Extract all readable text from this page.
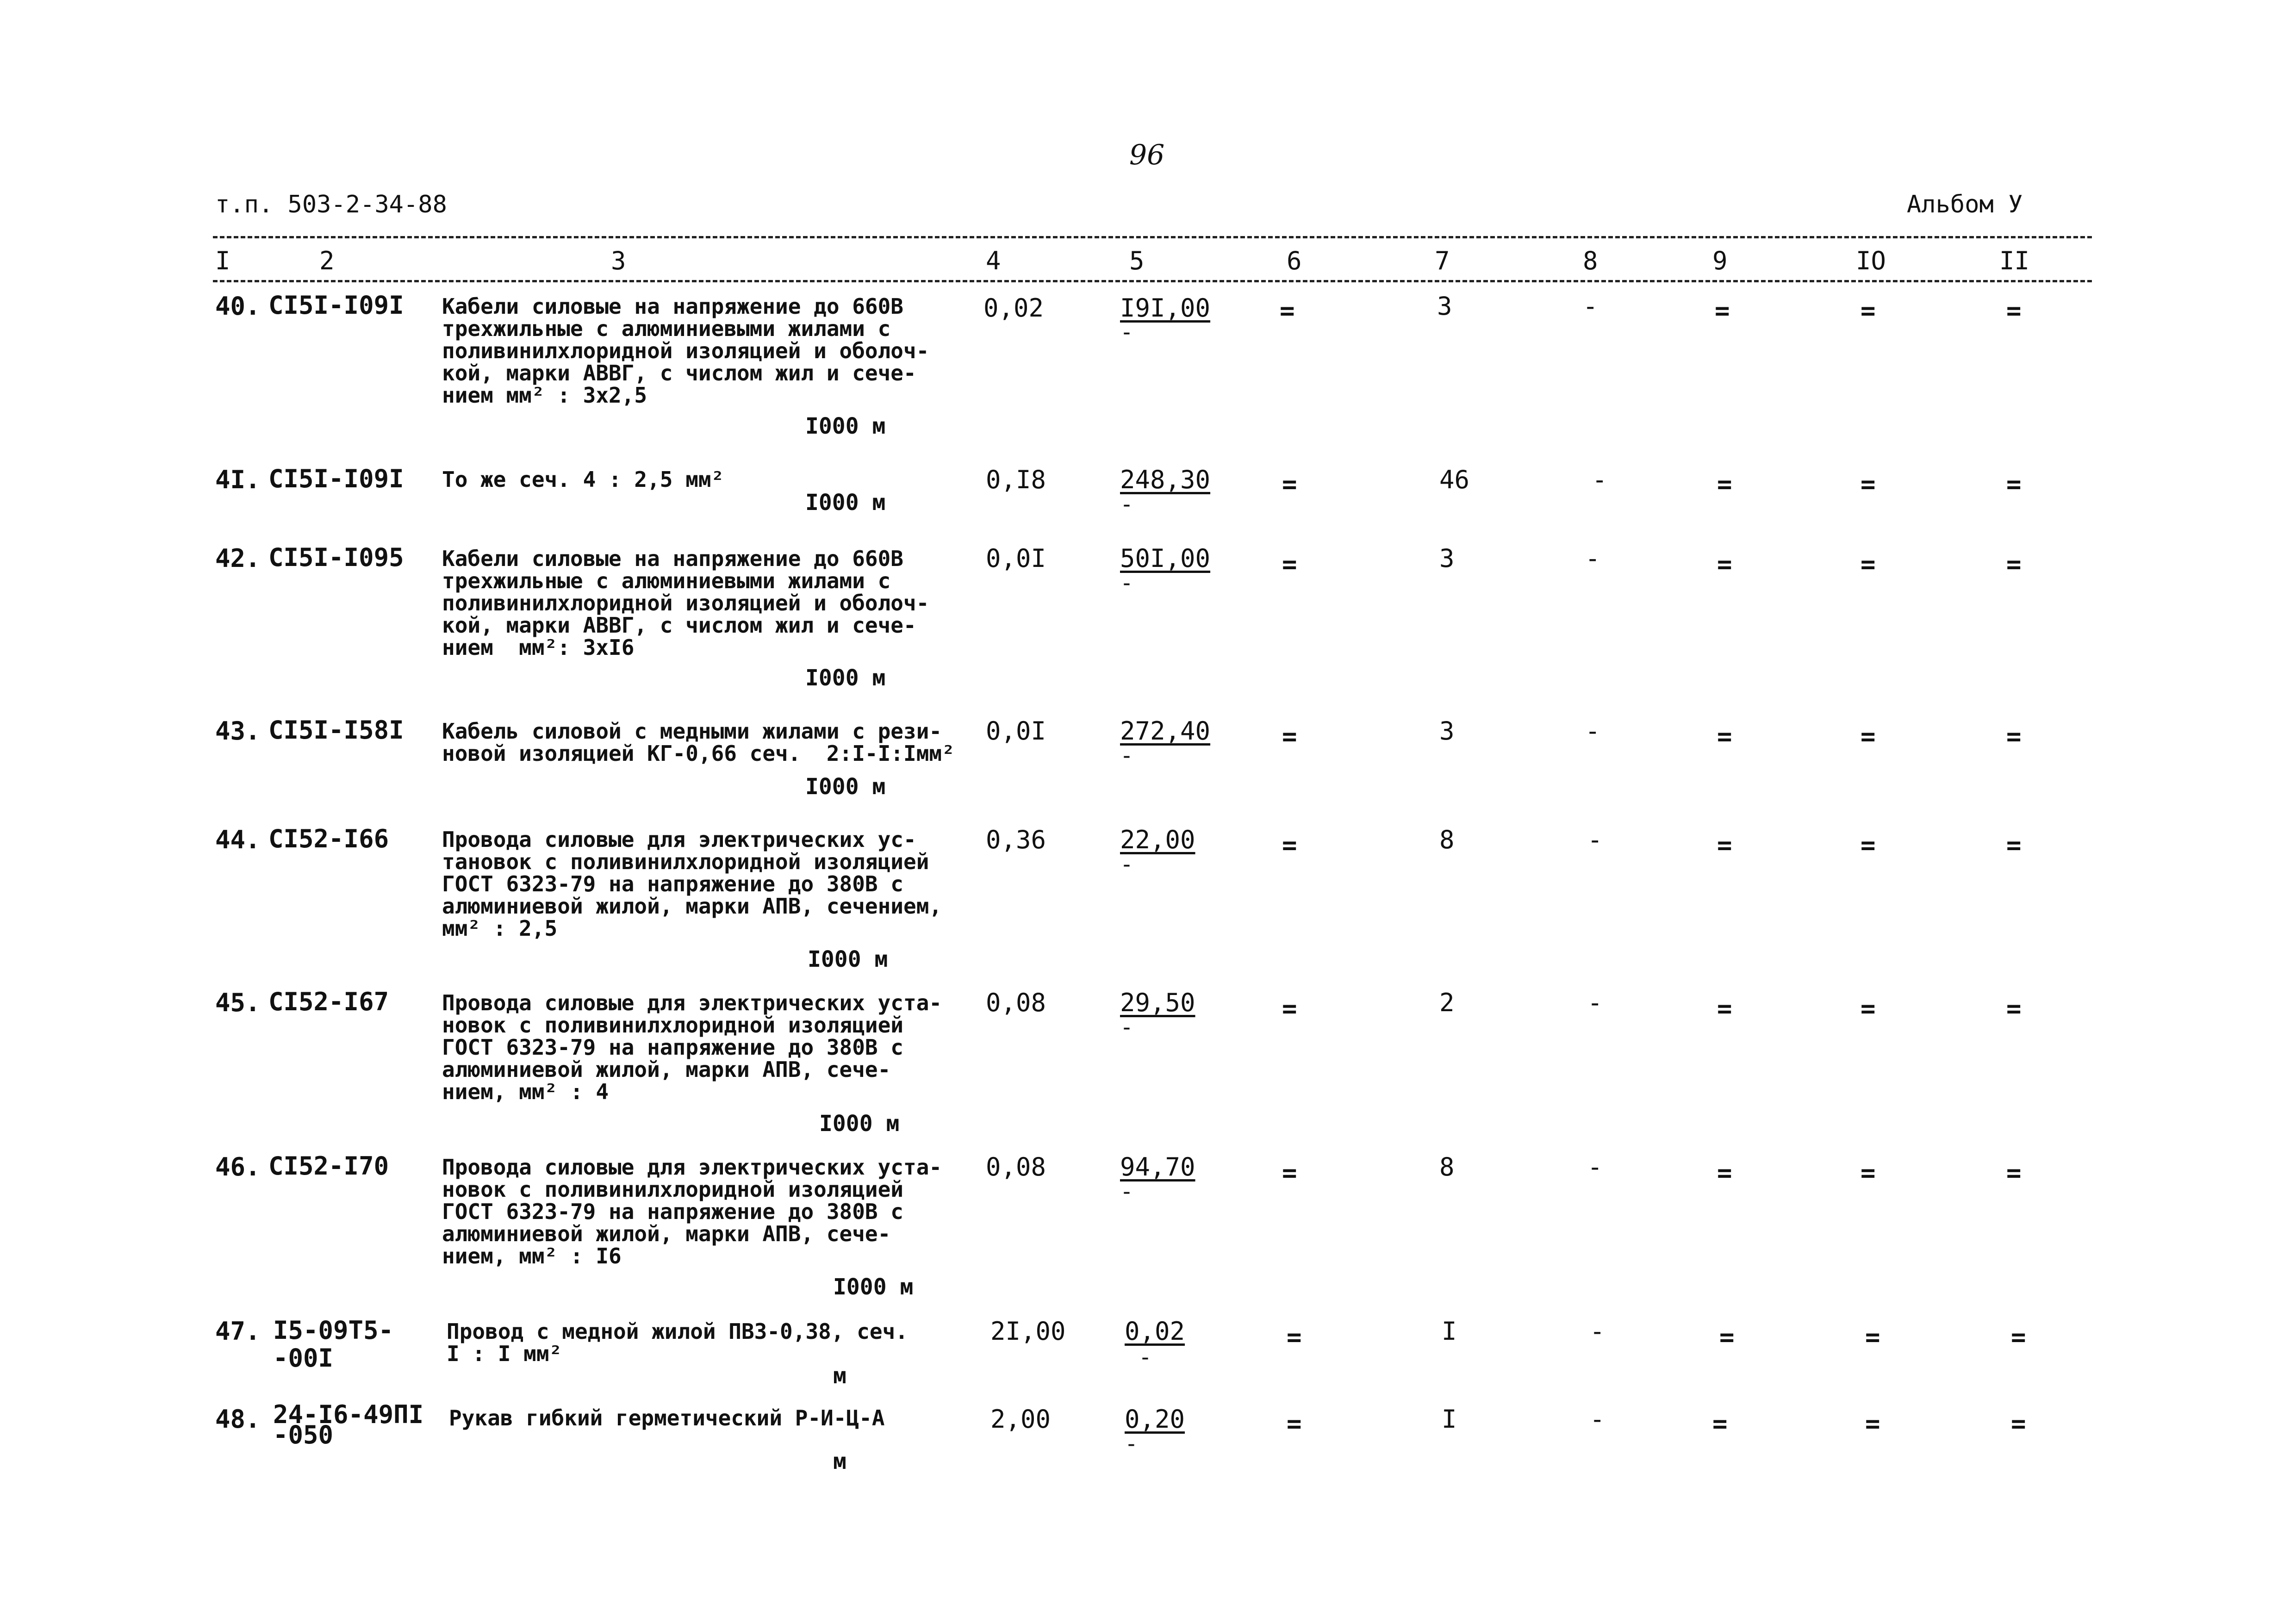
96
т.п. 503-2-34-88	Альбом У
I	2	3	4	5	6	7	8	9	IO	II
40. CI5I-I09I Кабели силовые на напряжение до 660В
трехжильные с алюминиевыми жилами с
поливинилхлоридной изоляцией и оболоч-
кой, марки АВВГ, с числом жил и сече-
нием мм² : 3х2,5
I000 м
0,02	I9I,00
-
=	3	-	=	=	=
4I. CI5I-I09I То же сеч. 4 : 2,5 мм²
I000 м
0,I8	248,30
-
=	46	-	=	=	=
42. CI5I-I095 Кабели силовые на напряжение до 660В
трехжильные с алюминиевыми жилами с
поливинилхлоридной изоляцией и оболоч-
кой, марки АВВГ, с числом жил и сече-
нием  мм²: 3хI6
I000 м
0,0I	50I,00
-
=	3	-	=	=	=
43. CI5I-I58I Кабель силовой с медными жилами с рези-
новой изоляцией КГ-0,66 сеч.  2:I-I:Iмм²
I000 м
0,0I	272,40
-
=	3	-	=	=	=
44. CI52-I66 Провода силовые для электрических ус-
тановок с поливинилхлоридной изоляцией
ГОСТ 6323-79 на напряжение до 380В с
алюминиевой жилой, марки АПВ, сечением,
мм² : 2,5
I000 м
0,36	22,00
-
=	8	-	=	=	=
45. CI52-I67 Провода силовые для электрических уста-
новок с поливинилхлоридной изоляцией
ГОСТ 6323-79 на напряжение до 380В с
алюминиевой жилой, марки АПВ, сече-
нием, мм² : 4
I000 м
0,08	29,50
-
=	2	-	=	=	=
46. CI52-I70 Провода силовые для электрических уста-
новок с поливинилхлоридной изоляцией
ГОСТ 6323-79 на напряжение до 380В с
алюминиевой жилой, марки АПВ, сече-
нием, мм² : I6
I000 м
0,08	94,70
-
=	8	-	=	=	=
47. I5-09Т5-
-00I
Провод с медной жилой ПВЗ-0,38, сеч.
I : I мм²
м
2I,00 0,02
-
=	I	-	=	=	=
48. 24-I6-49ПI
-050
Рукав гибкий герметический Р-И-Ц-А
м
2,00	0,20
-
=	I	-	=	=	=
